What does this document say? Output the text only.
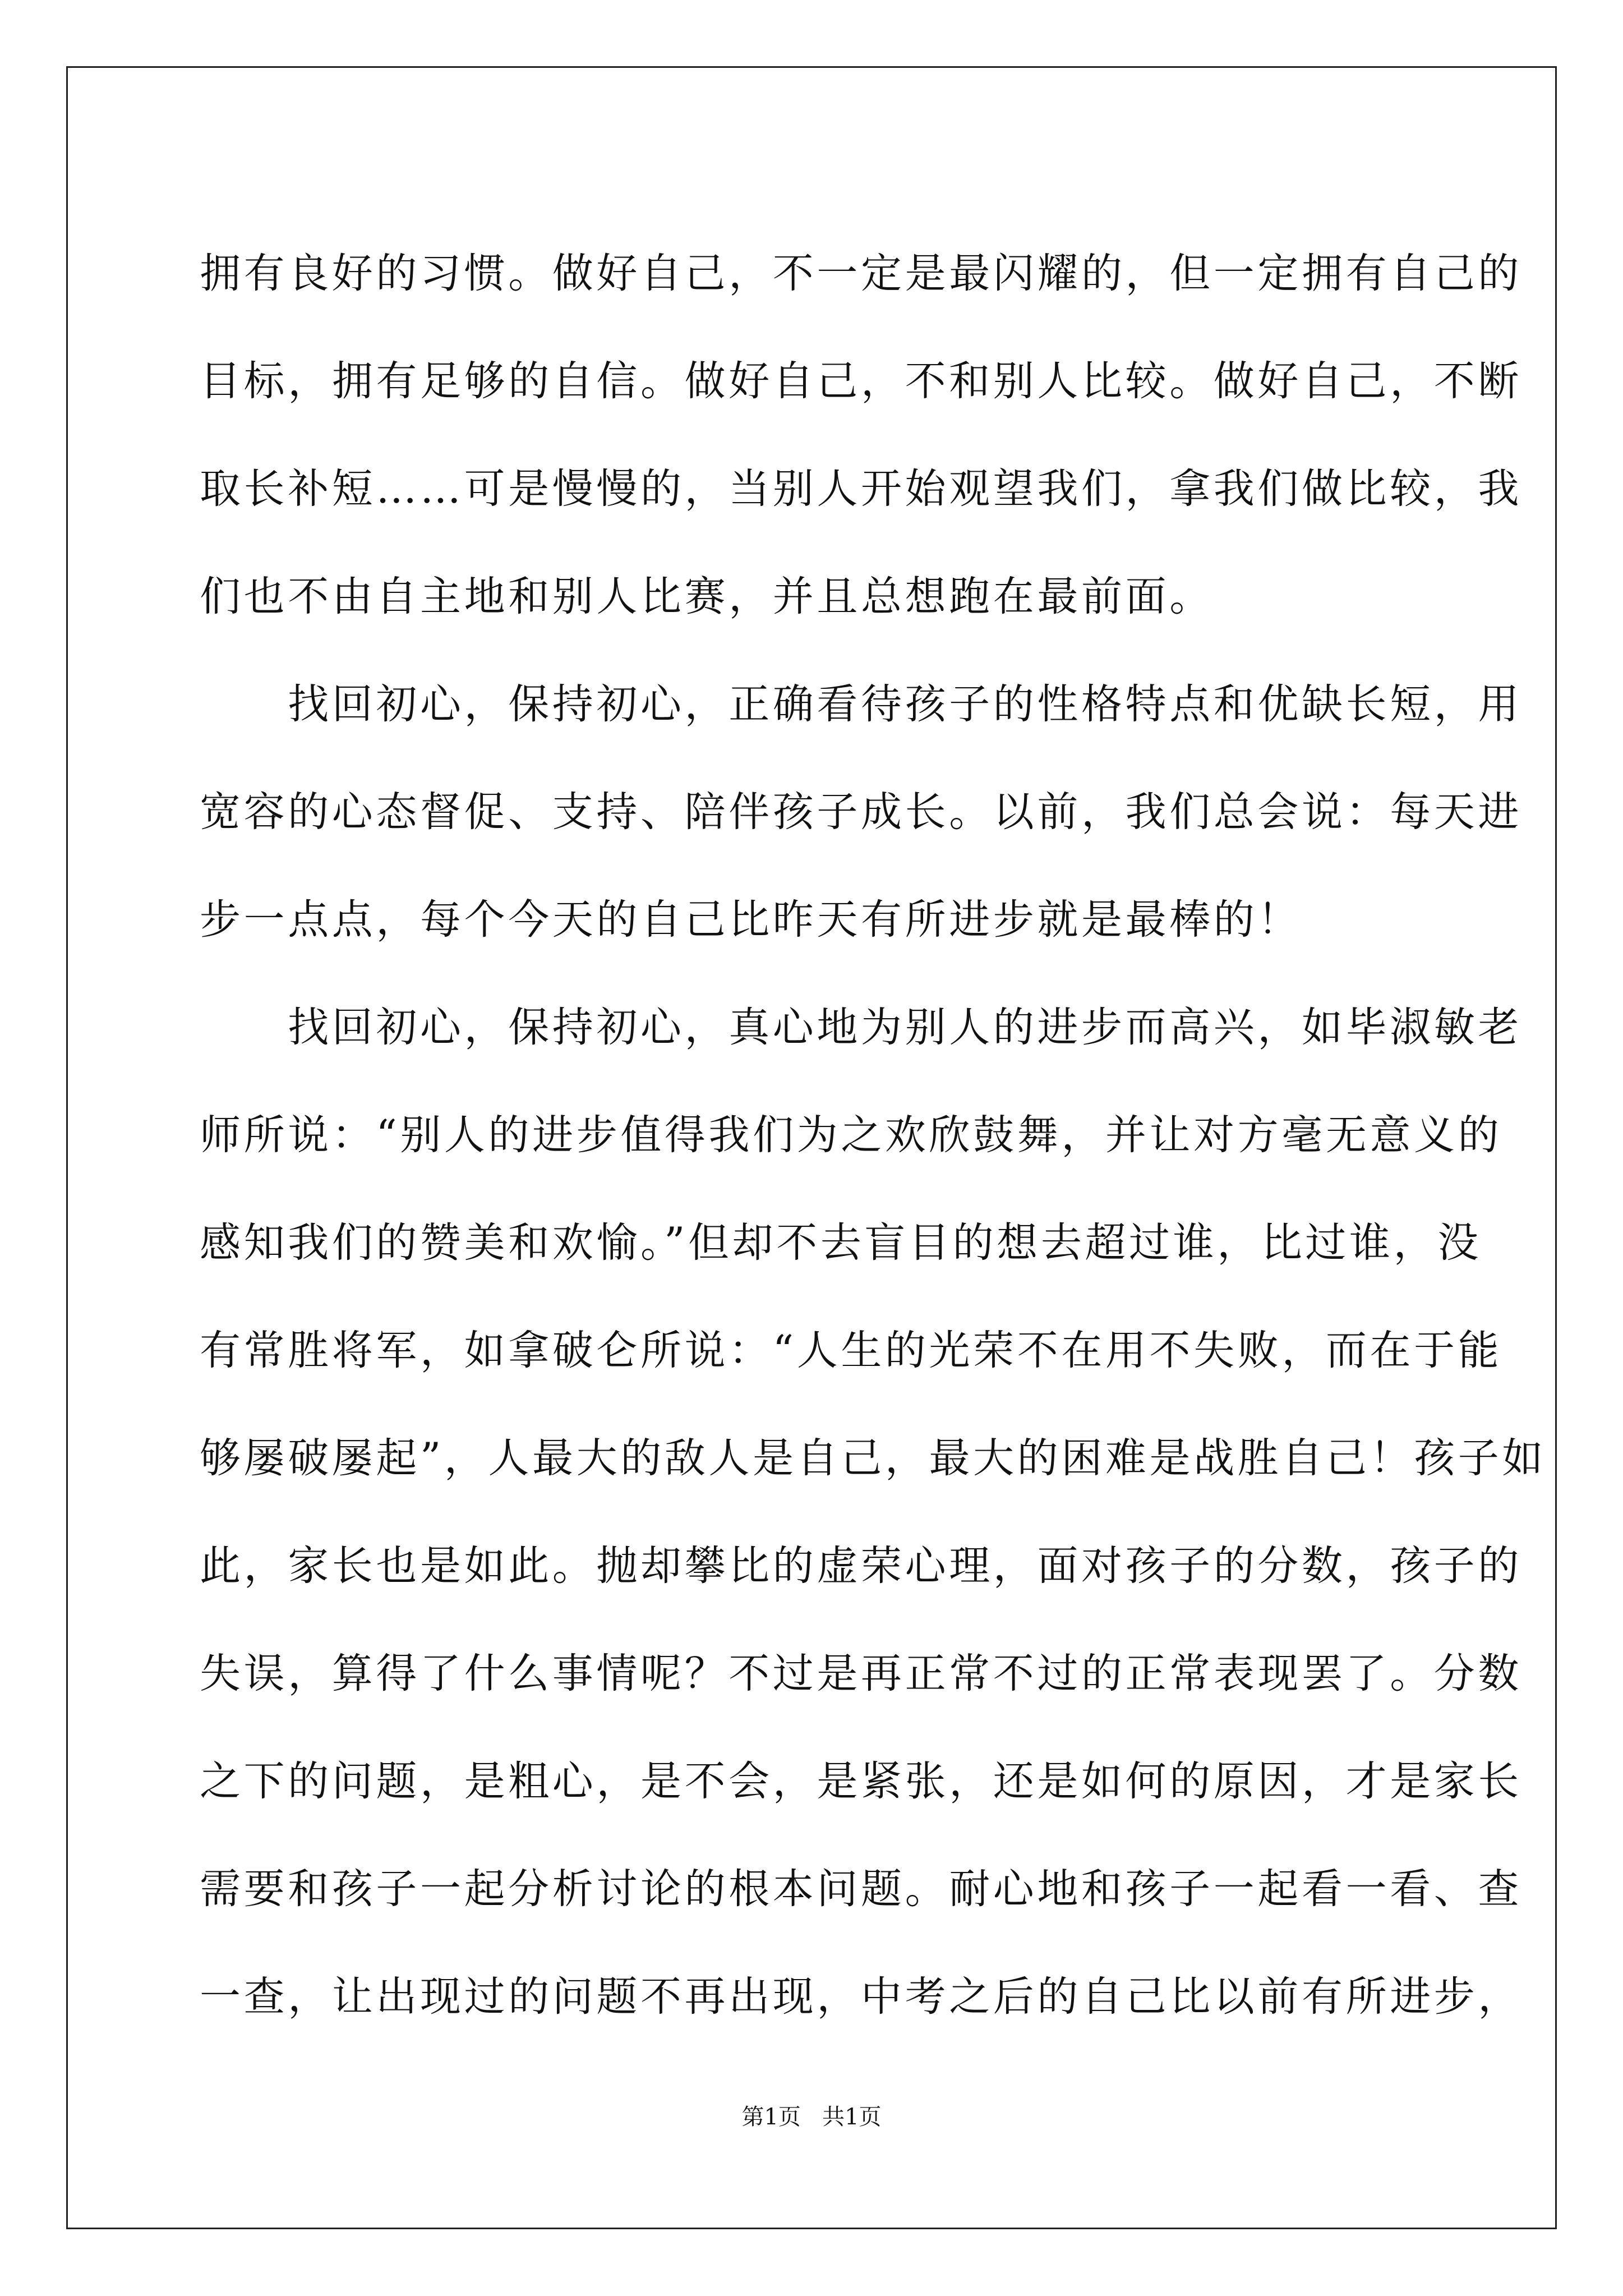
拥有良好的习惯。做好自己，不一定是最闪耀的，但一定拥有自己的
目标，拥有足够的自信。做好自己，不和别人比较。做好自己，不断
取长补短……可是慢慢的，当别人开始观望我们，拿我们做比较，我
们也不由自主地和别人比赛，并且总想跑在最前面。
　　找回初心，保持初心，正确看待孩子的性格特点和优缺长短，用
宽容的心态督促、支持、陪伴孩子成长。以前，我们总会说：每天进
步一点点，每个今天的自己比昨天有所进步就是最棒的！
　　找回初心，保持初心，真心地为别人的进步而高兴，如毕淑敏老
师所说：“别人的进步值得我们为之欢欣鼓舞，并让对方毫无意义的
感知我们的赞美和欢愉。”但却不去盲目的想去超过谁，比过谁，没
有常胜将军，如拿破仑所说：“人生的光荣不在用不失败，而在于能
够屡破屡起”，人最大的敌人是自己，最大的困难是战胜自己！孩子如
此，家长也是如此。抛却攀比的虚荣心理，面对孩子的分数，孩子的
失误，算得了什么事情呢？不过是再正常不过的正常表现罢了。分数
之下的问题，是粗心，是不会，是紧张，还是如何的原因，才是家长
需要和孩子一起分析讨论的根本问题。耐心地和孩子一起看一看、查
一查，让出现过的问题不再出现，中考之后的自己比以前有所进步，
第1页 共1页
